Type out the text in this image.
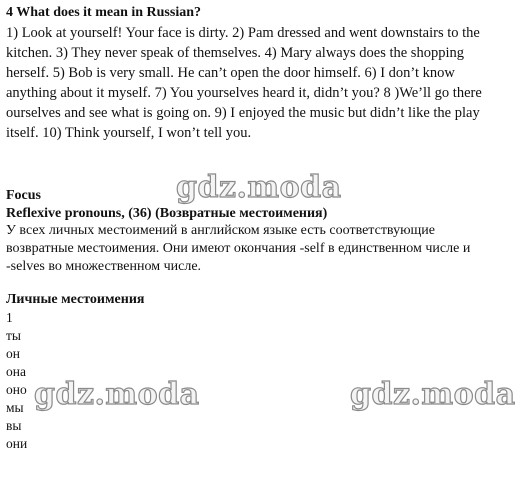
4 What does it mean in Russian?
1) Look at yourself! Your face is dirty. 2) Pam dressed and went downstairs to the
kitchen. 3) They never speak of themselves. 4) Mary always does the shopping
herself. 5) Bob is very small. He can’t open the door himself. 6) I don’t know
anything about it myself. 7) You yourselves heard it, didn’t you? 8 )We’ll go there
ourselves and see what is going on. 9) I enjoyed the music but didn’t like the play
itself. 10) Think yourself, I won’t tell you.
Focus
Reflexive pronouns, (36) (Возвратные местоимения)
У всех личных местоимений в английском языке есть соответствующие
возвратные местоимения. Они имеют окончания -self в единственном числе и
-selves во множественном числе.
Личные местоимения
1
ты
он
она
оно
мы
вы
они
gdz.moda
gdz.moda	gdz.moda
